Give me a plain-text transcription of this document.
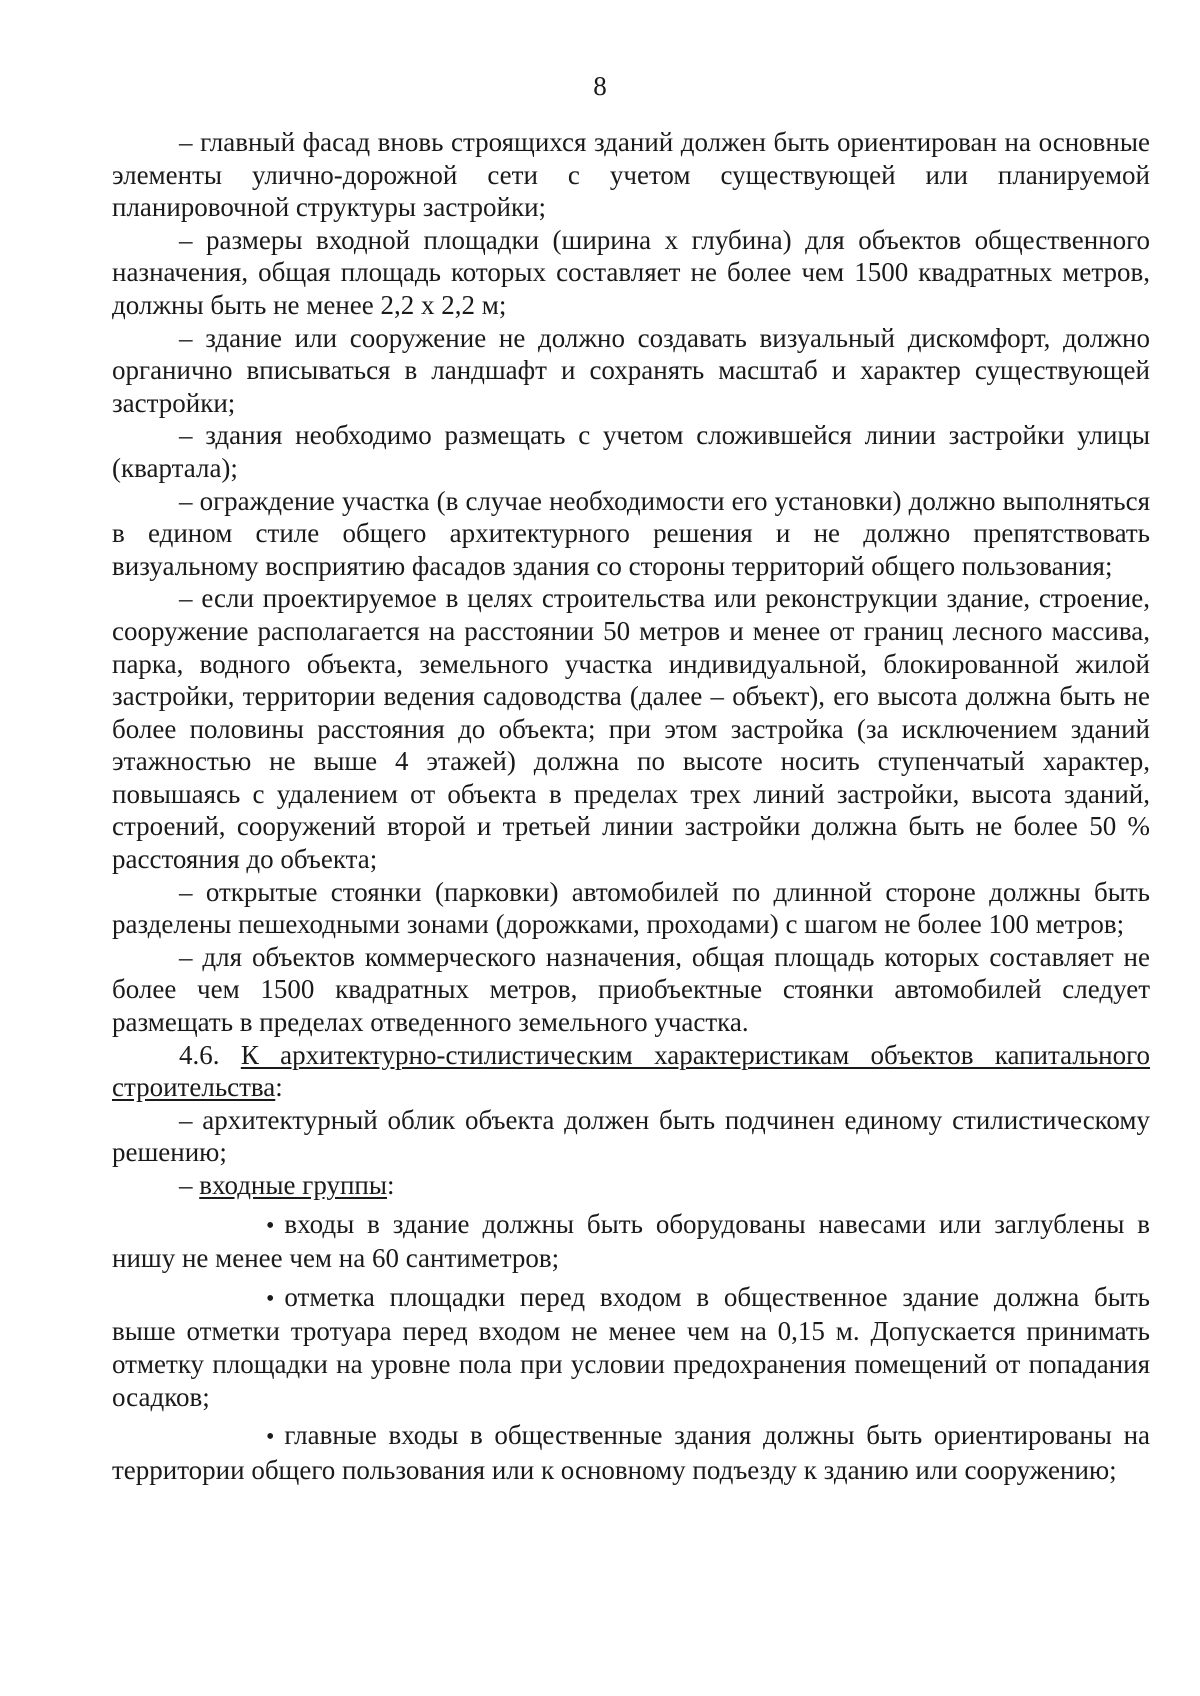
8

– главный фасад вновь строящихся зданий должен быть ориентирован на основные элементы улично-дорожной сети с учетом существующей или планируемой планировочной структуры застройки;

– размеры входной площадки (ширина х глубина) для объектов общественного назначения, общая площадь которых составляет не более чем 1500 квадратных метров, должны быть не менее 2,2 х 2,2 м;

– здание или сооружение не должно создавать визуальный дискомфорт, должно органично вписываться в ландшафт и сохранять масштаб и характер существующей застройки;

– здания необходимо размещать с учетом сложившейся линии застройки улицы (квартала);

– ограждение участка (в случае необходимости его установки) должно выполняться в едином стиле общего архитектурного решения и не должно препятствовать визуальному восприятию фасадов здания со стороны территорий общего пользования;

– если проектируемое в целях строительства или реконструкции здание, строение, сооружение располагается на расстоянии 50 метров и менее от границ лесного массива, парка, водного объекта, земельного участка индивидуальной, блокированной жилой застройки, территории ведения садоводства (далее – объект), его высота должна быть не более половины расстояния до объекта; при этом застройка (за исключением зданий этажностью не выше 4 этажей) должна по высоте носить ступенчатый характер, повышаясь с удалением от объекта в пределах трех линий застройки, высота зданий, строений, сооружений второй и третьей линии застройки должна быть не более 50 % расстояния до объекта;

– открытые стоянки (парковки) автомобилей по длинной стороне должны быть разделены пешеходными зонами (дорожками, проходами) с шагом не более 100 метров;

– для объектов коммерческого назначения, общая площадь которых составляет не более чем 1500 квадратных метров, приобъектные стоянки автомобилей следует размещать в пределах отведенного земельного участка.

4.6. К архитектурно-стилистическим характеристикам объектов капитального строительства:

– архитектурный облик объекта должен быть подчинен единому стилистическому решению;

– входные группы:

• входы в здание должны быть оборудованы навесами или заглублены в нишу не менее чем на 60 сантиметров;

• отметка площадки перед входом в общественное здание должна быть выше отметки тротуара перед входом не менее чем на 0,15 м. Допускается принимать отметку площадки на уровне пола при условии предохранения помещений от попадания осадков;

• главные входы в общественные здания должны быть ориентированы на территории общего пользования или к основному подъезду к зданию или сооружению;
